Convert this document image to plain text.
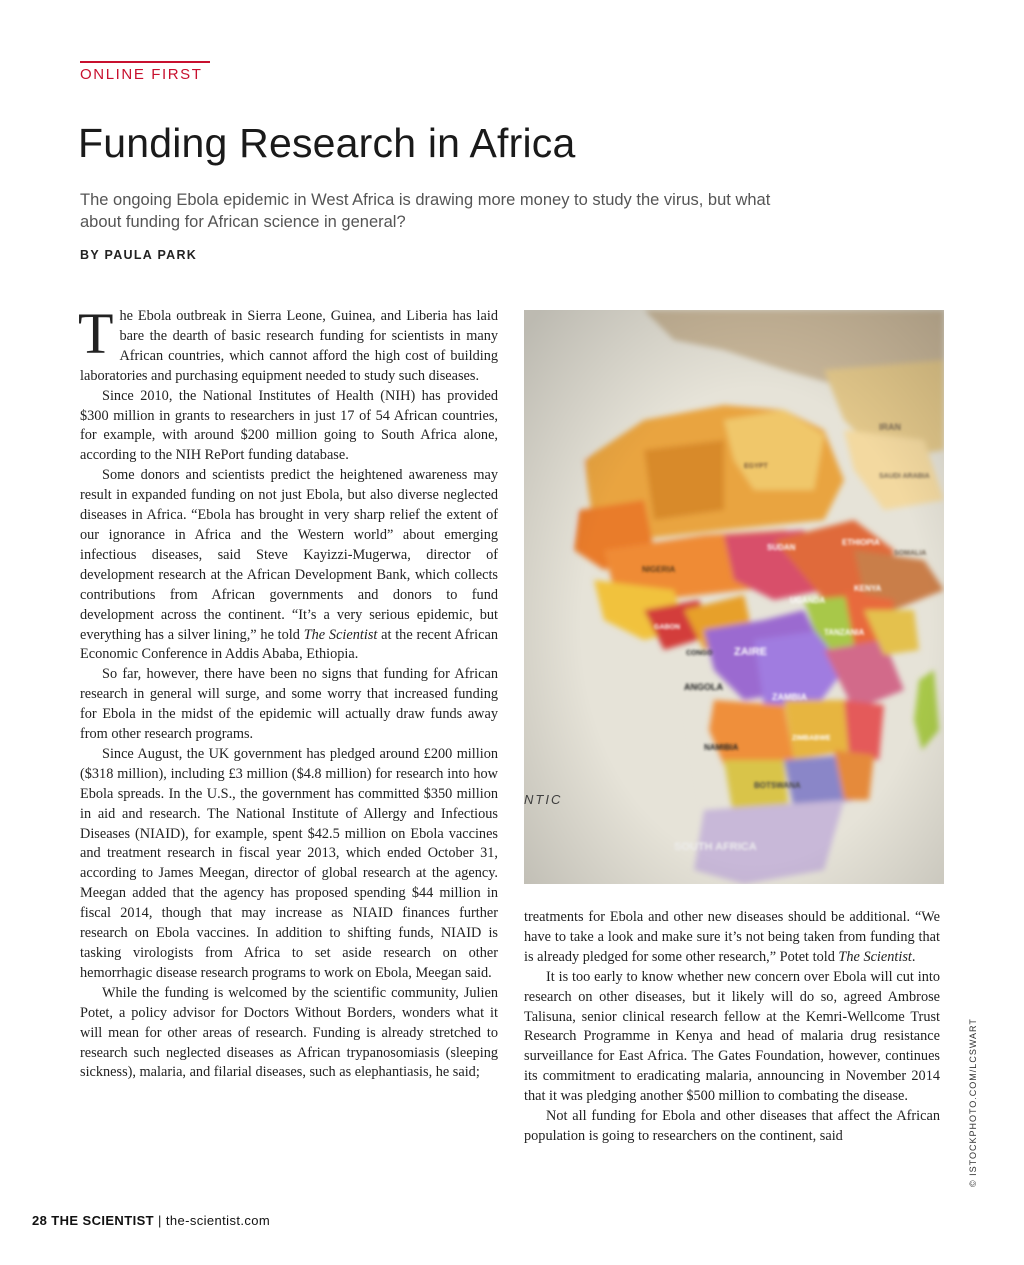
ONLINE FIRST
Funding Research in Africa
The ongoing Ebola epidemic in West Africa is drawing more money to study the virus, but what about funding for African science in general?
BY PAULA PARK

The Ebola outbreak in Sierra Leone, Guinea, and Liberia has laid bare the dearth of basic research funding for scientists in many African countries, which cannot afford the high cost of building laboratories and purchasing equipment needed to study such diseases.

Since 2010, the National Institutes of Health (NIH) has provided $300 million in grants to researchers in just 17 of 54 African countries, for example, with around $200 million going to South Africa alone, according to the NIH RePort funding database.

Some donors and scientists predict the heightened awareness may result in expanded funding on not just Ebola, but also diverse neglected diseases in Africa. “Ebola has brought in very sharp relief the extent of our ignorance in Africa and the Western world” about emerging infectious diseases, said Steve Kayizzi-Mugerwa, director of development research at the African Development Bank, which collects contributions from African governments and donors to fund development across the continent. “It’s a very serious epidemic, but everything has a silver lining,” he told The Scientist at the recent African Economic Conference in Addis Ababa, Ethiopia.

So far, however, there have been no signs that funding for African research in general will surge, and some worry that increased funding for Ebola in the midst of the epidemic will actually draw funds away from other research programs.

Since August, the UK government has pledged around £200 million ($318 million), including £3 million ($4.8 million) for research into how Ebola spreads. In the U.S., the government has committed $350 million in aid and research. The National Institute of Allergy and Infectious Diseases (NIAID), for example, spent $42.5 million on Ebola vaccines and treatment research in fiscal year 2013, which ended October 31, according to James Meegan, director of global research at the agency. Meegan added that the agency has proposed spending $44 million in fiscal 2014, though that may increase as NIAID finances further research on Ebola vaccines. In addition to shifting funds, NIAID is tasking virologists from Africa to set aside research on other hemorrhagic disease research programs to work on Ebola, Meegan said.

While the funding is welcomed by the scientific community, Julien Potet, a policy advisor for Doctors Without Borders, wonders what it will mean for other areas of research. Funding is already stretched to research such neglected diseases as African trypanosomiasis (sleeping sickness), malaria, and filarial diseases, such as elephantiasis, he said;

treatments for Ebola and other new diseases should be additional. “We have to take a look and make sure it’s not being taken from funding that is already pledged for some other research,” Potet told The Scientist.

It is too early to know whether new concern over Ebola will cut into research on other diseases, but it likely will do so, agreed Ambrose Talisuna, senior clinical research fellow at the Kemri-Wellcome Trust Research Programme in Kenya and head of malaria drug resistance surveillance for East Africa. The Gates Foundation, however, continues its commitment to eradicating malaria, announcing in November 2014 that it was pledging another $500 million to combating the disease.

Not all funding for Ebola and other diseases that affect the African population is going to researchers on the continent, said	© ISTOCKPHOTO.COM/LCSWART
28 THE SCIENTIST | the-scientist.com
